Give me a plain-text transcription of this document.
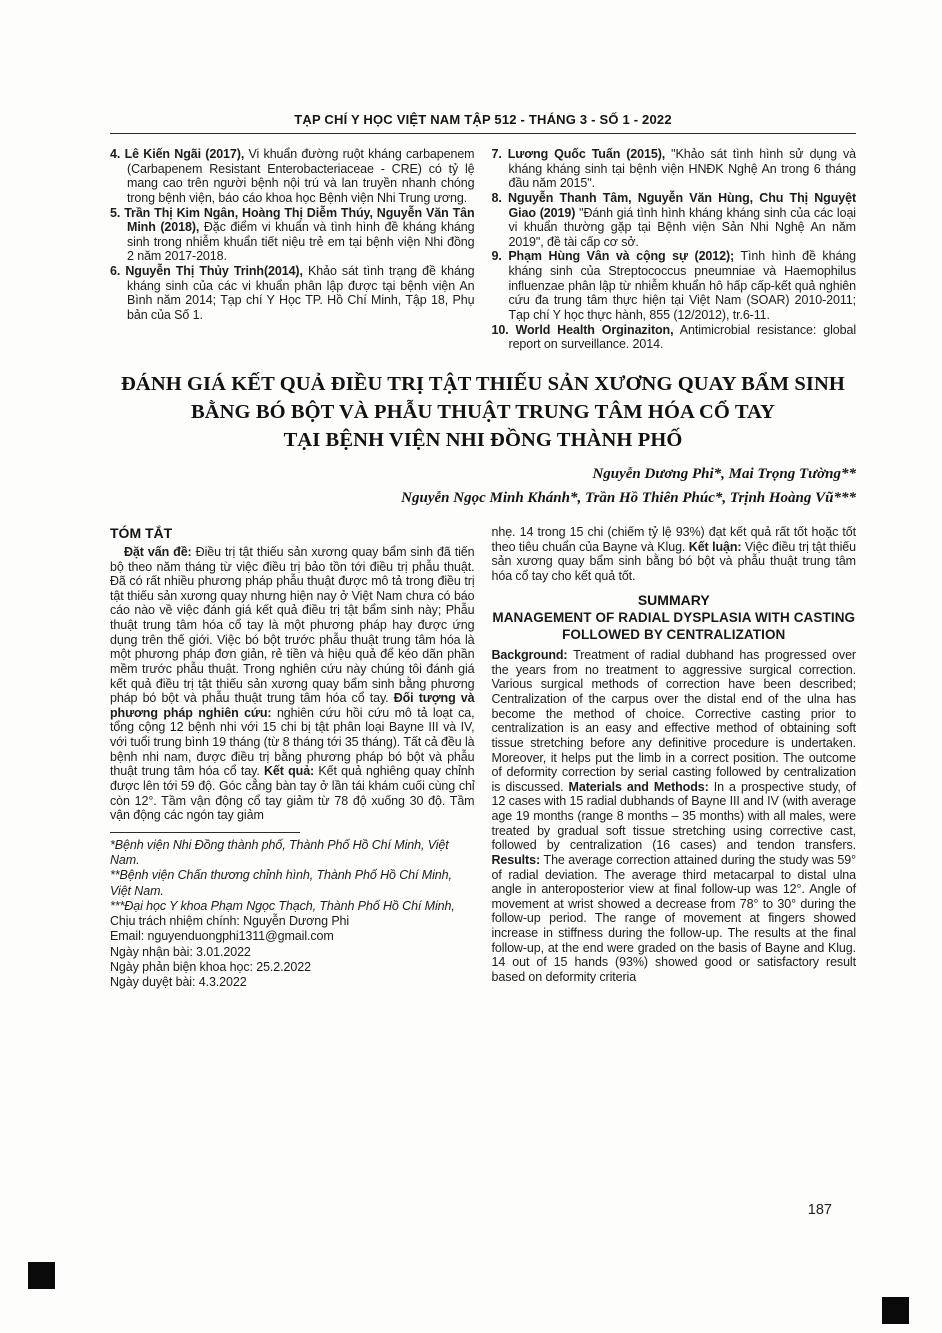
TẠP CHÍ Y HỌC VIỆT NAM TẬP 512 - THÁNG 3 - SỐ 1 - 2022

4. Lê Kiến Ngãi (2017), Vi khuẩn đường ruột kháng carbapenem (Carbapenem Resistant Enterobacteriaceae - CRE) có tỷ lệ mang cao trên người bệnh nội trú và lan truyền nhanh chóng trong bệnh viện, báo cáo khoa học Bệnh viện Nhi Trung ương.

5. Trần Thị Kim Ngân, Hoàng Thị Diễm Thúy, Nguyễn Văn Tân Minh (2018), Đặc điểm vi khuẩn và tình hình đề kháng kháng sinh trong nhiễm khuẩn tiết niệu trẻ em tại bệnh viện Nhi đồng 2 năm 2017-2018.

6. Nguyễn Thị Thủy Trinh(2014), Khảo sát tình trạng đề kháng kháng sinh của các vi khuẩn phân lập được tại bệnh viện An Bình năm 2014; Tạp chí Y Học TP. Hồ Chí Minh, Tập 18, Phụ bản của Số 1.

7. Lương Quốc Tuấn (2015), "Khảo sát tình hình sử dụng và kháng kháng sinh tại bệnh viện HNĐK Nghệ An trong 6 tháng đầu năm 2015".

8. Nguyễn Thanh Tâm, Nguyễn Văn Hùng, Chu Thị Nguyệt Giao (2019) "Đánh giá tình hình kháng kháng sinh của các loại vi khuẩn thường gặp tại Bệnh viện Sản Nhi Nghệ An năm 2019", đề tài cấp cơ sở.

9. Phạm Hùng Vân và cộng sự (2012); Tình hình đề kháng kháng sinh của Streptococcus pneumniae và Haemophilus influenzae phân lập từ nhiễm khuẩn hô hấp cấp-kết quả nghiên cứu đa trung tâm thực hiện tại Việt Nam (SOAR) 2010-2011; Tạp chí Y học thực hành, 855 (12/2012), tr.6-11.

10. World Health Orginaziton, Antimicrobial resistance: global report on surveillance. 2014.

ĐÁNH GIÁ KẾT QUẢ ĐIỀU TRỊ TẬT THIẾU SẢN XƯƠNG QUAY BẨM SINH
BẰNG BÓ BỘT VÀ PHẪU THUẬT TRUNG TÂM HÓA CỔ TAY
TẠI BỆNH VIỆN NHI ĐỒNG THÀNH PHỐ
Nguyễn Dương Phi*, Mai Trọng Tường**
Nguyễn Ngọc Minh Khánh*, Trần Hồ Thiên Phúc*, Trịnh Hoàng Vũ***
TÓM TẮT

Đặt vấn đề: Điều trị tật thiếu sản xương quay bẩm sinh đã tiến bộ theo năm tháng từ việc điều trị bảo tồn tới điều trị phẫu thuật. Đã có rất nhiều phương pháp phẫu thuật được mô tả trong điều trị tật thiếu sản xương quay nhưng hiện nay ở Việt Nam chưa có báo cáo nào về việc đánh giá kết quả điều trị tật bẩm sinh này; Phẫu thuật trung tâm hóa cổ tay là một phương pháp hay được ứng dụng trên thế giới. Việc bó bột trước phẫu thuật trung tâm hóa là một phương pháp đơn giản, rẻ tiền và hiệu quả để kéo dãn phần mềm trước phẫu thuật. Trong nghiên cứu này chúng tôi đánh giá kết quả điều trị tật thiếu sản xương quay bẩm sinh bằng phương pháp bó bột và phẫu thuật trung tâm hóa cổ tay. Đối tượng và phương pháp nghiên cứu: nghiên cứu hồi cứu mô tả loạt ca, tổng cộng 12 bệnh nhi với 15 chi bị tật phân loại Bayne III và IV, với tuổi trung bình 19 tháng (từ 8 tháng tới 35 tháng). Tất cả đều là bệnh nhi nam, được điều trị bằng phương pháp bó bột và phẫu thuật trung tâm hóa cổ tay. Kết quả: Kết quả nghiêng quay chỉnh được lên tới 59 độ. Góc cẳng bàn tay ở lần tái khám cuối cùng chỉ còn 12°. Tầm vận động cổ tay giảm từ 78 độ xuống 30 độ. Tầm vận động các ngón tay giảm

*Bệnh viện Nhi Đồng thành phố, Thành Phố Hồ Chí Minh, Việt Nam.
**Bệnh viện Chấn thương chỉnh hình, Thành Phố Hồ Chí Minh, Việt Nam.
***Đại học Y khoa Phạm Ngọc Thạch, Thành Phố Hồ Chí Minh,
Chịu trách nhiệm chính: Nguyễn Dương Phi
Email: nguyenduongphi1311@gmail.com
Ngày nhận bài: 3.01.2022
Ngày phản biện khoa học: 25.2.2022
Ngày duyệt bài: 4.3.2022

nhẹ. 14 trong 15 chi (chiếm tỷ lệ 93%) đạt kết quả rất tốt hoặc tốt theo tiêu chuẩn của Bayne và Klug. Kết luận: Việc điều trị tật thiếu sản xương quay bẩm sinh bằng bó bột và phẫu thuật trung tâm hóa cổ tay cho kết quả tốt.

SUMMARY
MANAGEMENT OF RADIAL DYSPLASIA WITH CASTING FOLLOWED BY CENTRALIZATION

Background: Treatment of radial dubhand has progressed over the years from no treatment to aggressive surgical correction. Various surgical methods of correction have been described; Centralization of the carpus over the distal end of the ulna has become the method of choice. Corrective casting prior to centralization is an easy and effective method of obtaining soft tissue stretching before any definitive procedure is undertaken. Moreover, it helps put the limb in a correct position. The outcome of deformity correction by serial casting followed by centralization is discussed. Materials and Methods: In a prospective study, of 12 cases with 15 radial dubhands of Bayne III and IV (with average age 19 months (range 8 months – 35 months) with all males, were treated by gradual soft tissue stretching using corrective cast, followed by centralization (16 cases) and tendon transfers. Results: The average correction attained during the study was 59° of radial deviation. The average third metacarpal to distal ulna angle in anteroposterior view at final follow-up was 12°. Angle of movement at wrist showed a decrease from 78° to 30° during the follow-up period. The range of movement at fingers showed increase in stiffness during the follow-up. The results at the final follow-up, at the end were graded on the basis of Bayne and Klug. 14 out of 15 hands (93%) showed good or satisfactory result based on deformity criteria

187
